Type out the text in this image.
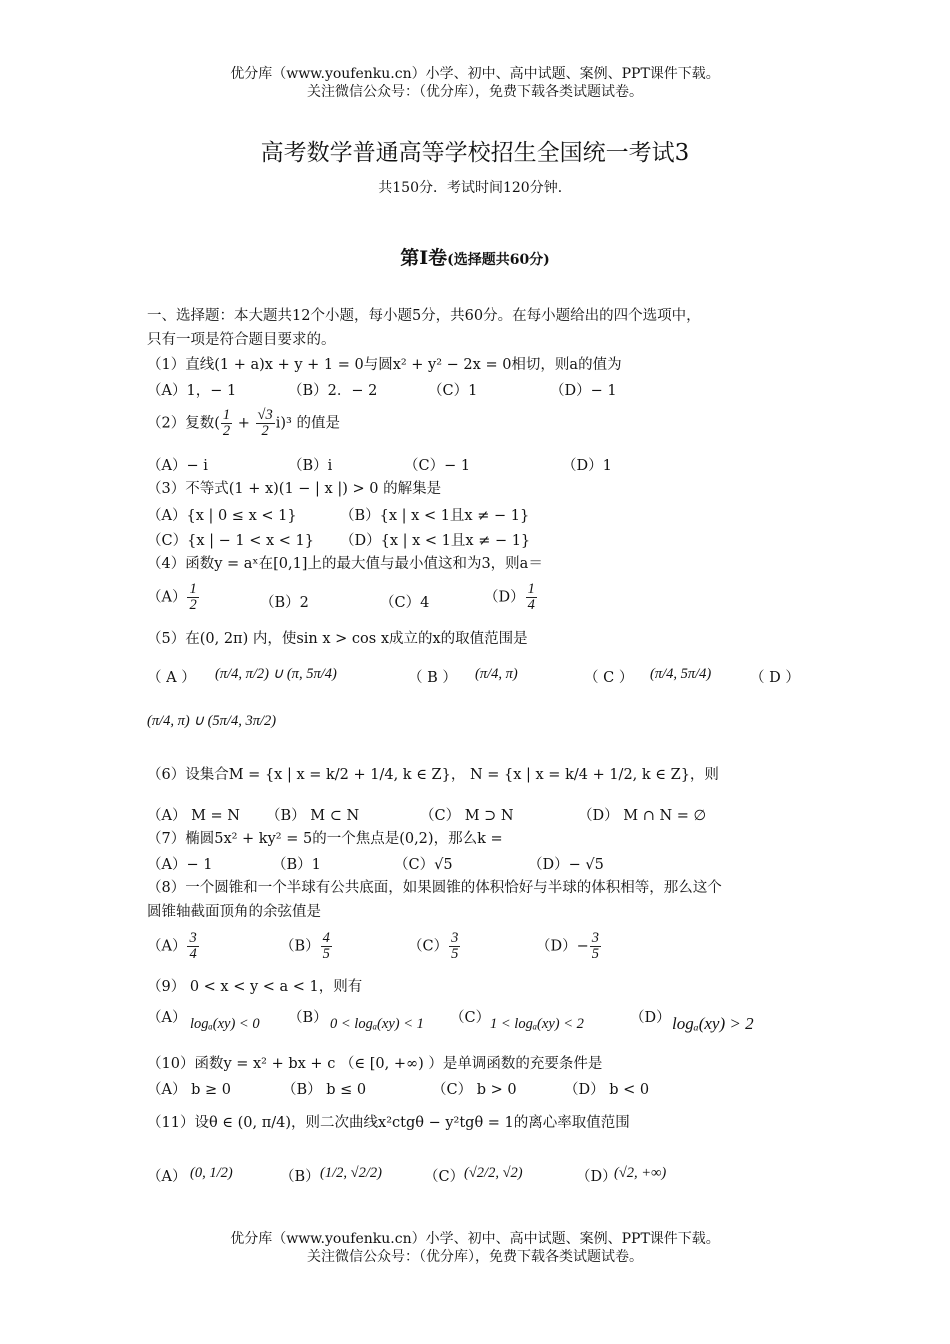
优分库（www.youfenku.cn）小学、初中、高中试题、案例、PPT课件下载。
关注微信公众号：（优分库），免费下载各类试题试卷。
高考数学普通高等学校招生全国统一考试3
共150分．考试时间120分钟．
第Ⅰ卷(选择题共60分)
一、选择题：本大题共12个小题，每小题5分，共60分。在每小题给出的四个选项中，
只有一项是符合题目要求的。
（1）直线(1 + a)x + y + 1 = 0与圆x² + y² − 2x = 0相切，则a的值为
（A）1，− 1	（B）2．− 2	（C）1	（D）− 1
（2）复数( $\frac{1}{2} + \frac{√3}{2} i)^3$ 的值是
（A）− i	（B）i	（C）− 1	（D）1
（3）不等式(1 + x)(1 − | x |) > 0 的解集是
（A）{x | 0 ≤ x < 1}	（B）{x | x < 1且x ≠ − 1}
（C）{x | − 1 < x < 1} （D）{x | x < 1且x ≠ − 1}
（4）函数y = aˣ在[0,1]上的最大值与最小值这和为3，则a＝
$(A) \frac{1}{2}$	（B）2	（C）4	$(D) \frac{1}{4}$
（5）在(0, 2π) 内，使sin x > cos x成立的x的取值范围是
（ A ） (π/4, π/2) ∪ (π, 5π/4)	（ B ） (π/4, π)	（ C ） (π/4, 5π/4)	（ D ）
(π/4, π) ∪ (5π/4, 3π/2)
（6）设集合M = {x | x = k/2 + 1/4, k ∈ Z}， N = {x | x = k/4 + 1/2, k ∈ Z}，则
（A） M = N （B） M ⊂ N	（C） M ⊃ N	（D） M ∩ N = ∅
（7）椭圆5x² + ky² = 5的一个焦点是(0,2)，那么k =
（A）− 1	（B）1	（C）√5	（D）− √5
（8）一个圆锥和一个半球有公共底面，如果圆锥的体积恰好与半球的体积相等，那么这个
圆锥轴截面顶角的余弦值是
$(A) \frac{3}{4}$	$(B) \frac{4}{5}$	$(C) \frac{3}{5}$	$(D)- \frac{3}{5}$
（9） 0 < x < y < a < 1，则有
（A） logₐ(xy) < 0 （B） 0 < logₐ(xy) < 1 （C） 1 < logₐ(xy) < 2	（D） logₐ(xy) > 2
（10）函数y = x² + bx + c （∈ [0, +∞) ）是单调函数的充要条件是
（A） b ≥ 0	（B） b ≤ 0	（C） b > 0	（D） b < 0
（11）设θ ∈ (0, π/4)，则二次曲线x²ctgθ − y²tgθ = 1的离心率取值范围
（A） (0, 1/2)	（B） (1/2, √2/2)	（C） (√2/2, √2)	（D）
(√2, +∞)
优分库（www.youfenku.cn）小学、初中、高中试题、案例、PPT课件下载。
关注微信公众号：（优分库），免费下载各类试题试卷。
